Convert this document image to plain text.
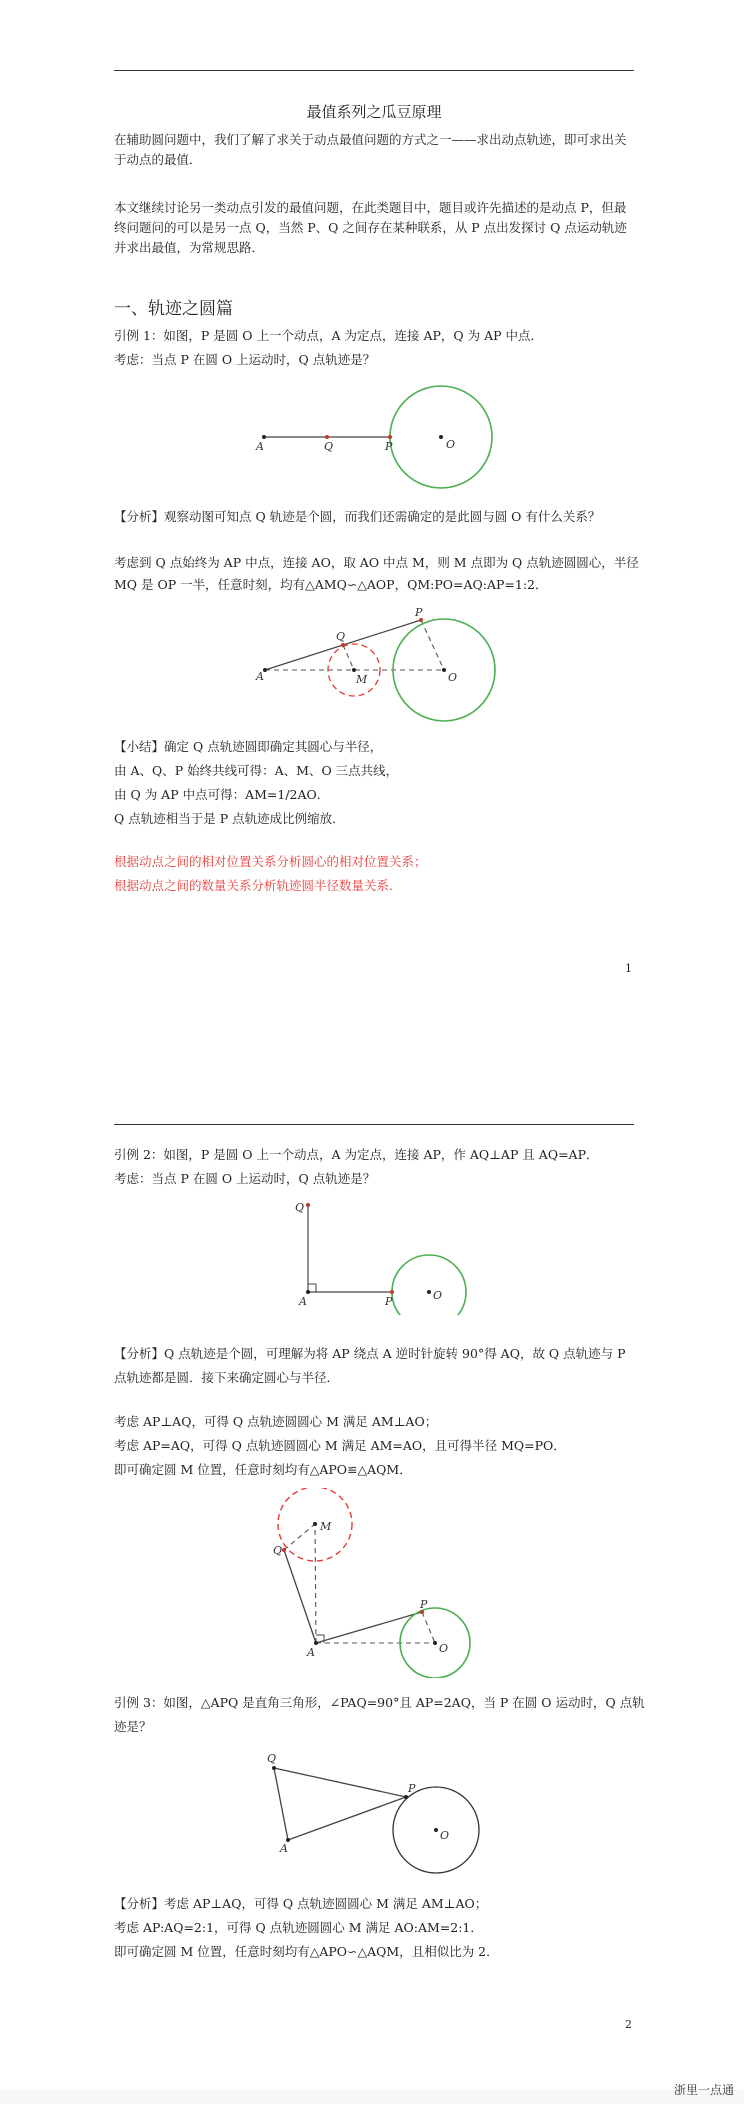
最值系列之瓜豆原理
在辅助圆问题中，我们了解了求关于动点最值问题的方式之一——求出动点轨迹，即可求出关于动点的最值．
本文继续讨论另一类动点引发的最值问题，在此类题目中，题目或许先描述的是动点 P，但最终问题问的可以是另一点 Q，当然 P、Q 之间存在某种联系，从 P 点出发探讨 Q 点运动轨迹并求出最值，为常规思路．
一、轨迹之圆篇
引例 1：如图，P 是圆 O 上一个动点，A 为定点，连接 AP，Q 为 AP 中点．
考虑：当点 P 在圆 O 上运动时，Q 点轨迹是？
A	Q	P	O
【分析】观察动图可知点 Q 轨迹是个圆，而我们还需确定的是此圆与圆 O 有什么关系？
考虑到 Q 点始终为 AP 中点，连接 AO，取 AO 中点 M，则 M 点即为 Q 点轨迹圆圆心，半径
MQ 是 OP 一半，任意时刻，均有△AMQ∽△AOP，QM:PO=AQ:AP=1:2．
A
Q
P
M	O
【小结】确定 Q 点轨迹圆即确定其圆心与半径，
由 A、Q、P 始终共线可得：A、M、O 三点共线，
由 Q 为 AP 中点可得：AM=1/2AO．
Q 点轨迹相当于是 P 点轨迹成比例缩放．
根据动点之间的相对位置关系分析圆心的相对位置关系；
根据动点之间的数量关系分析轨迹圆半径数量关系．
1
引例 2：如图，P 是圆 O 上一个动点，A 为定点，连接 AP，作 AQ⊥AP 且 AQ=AP．
考虑：当点 P 在圆 O 上运动时，Q 点轨迹是？
Q
A	P	O
【分析】Q 点轨迹是个圆，可理解为将 AP 绕点 A 逆时针旋转 90°得 AQ，故 Q 点轨迹与 P
点轨迹都是圆．接下来确定圆心与半径．
考虑 AP⊥AQ，可得 Q 点轨迹圆圆心 M 满足 AM⊥AO；
考虑 AP=AQ，可得 Q 点轨迹圆圆心 M 满足 AM=AO，且可得半径 MQ=PO．
即可确定圆 M 位置，任意时刻均有△APO≌△AQM．
M
Q
A
P
O
引例 3：如图，△APQ 是直角三角形，∠PAQ=90°且 AP=2AQ，当 P 在圆 O 运动时，Q 点轨
迹是？
Q
A
P
O
【分析】考虑 AP⊥AQ，可得 Q 点轨迹圆圆心 M 满足 AM⊥AO；
考虑 AP:AQ=2:1，可得 Q 点轨迹圆圆心 M 满足 AO:AM=2:1．
即可确定圆 M 位置，任意时刻均有△APO∽△AQM，且相似比为 2．
2
浙里一点通
